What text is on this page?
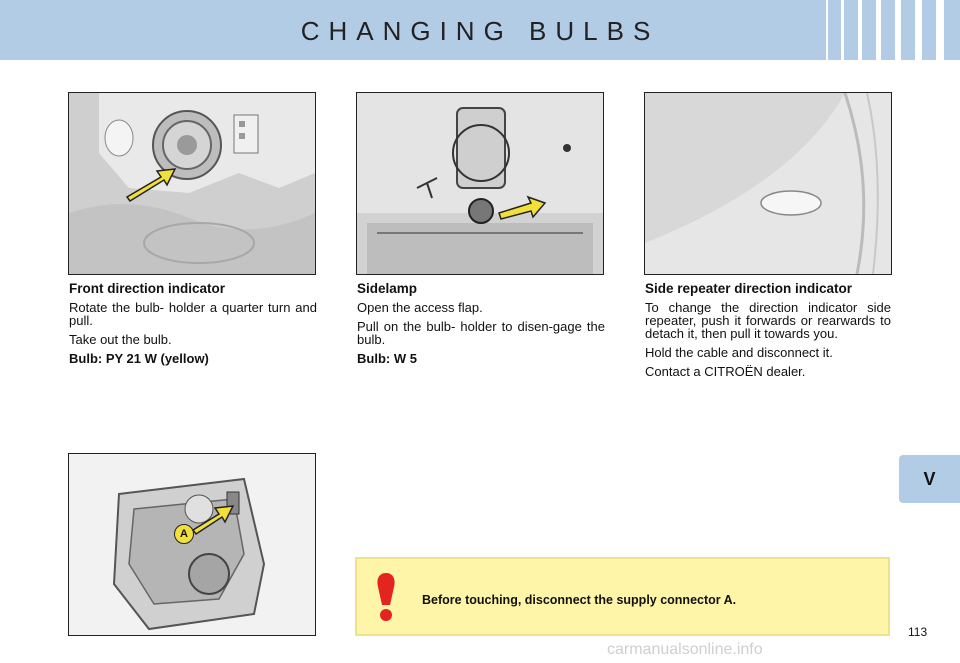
CHANGING BULBS
V
Front direction indicator

Rotate the bulb- holder a quarter turn and pull.

Take out the bulb.

Bulb: PY 21 W (yellow)

Sidelamp

Open the access flap.

Pull on the bulb- holder to disen-gage the bulb.

Bulb: W 5

Side repeater direction indicator

To change the direction indicator side repeater, push it forwards or rearwards to detach it, then pull it towards you.

Hold the cable and disconnect it.

Contact a CITROËN dealer.

A
Before touching, disconnect the supply connector A.
113
carmanualsonline.info
